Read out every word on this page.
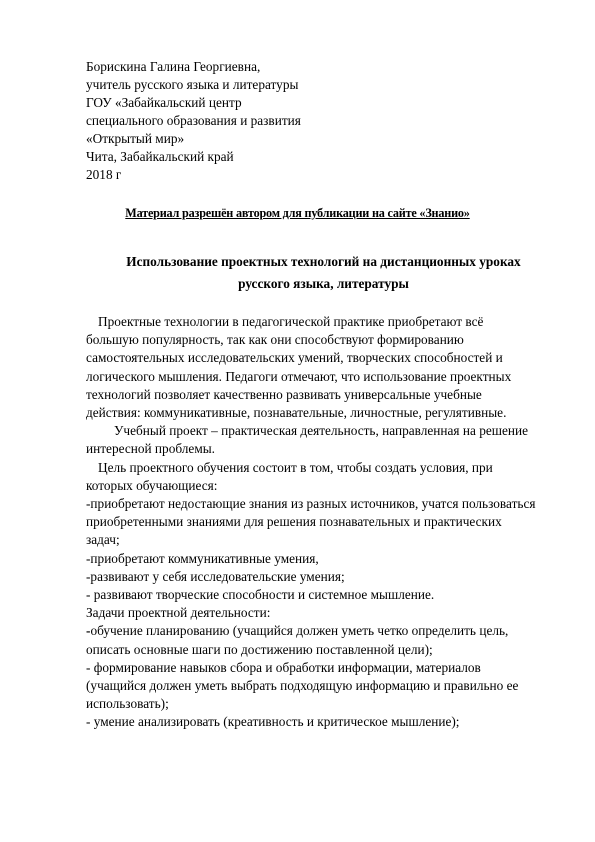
Борискина Галина Георгиевна,
учитель русского языка и литературы
ГОУ «Забайкальский центр
специального образования и развития
«Открытый мир»
Чита, Забайкальский край
2018 г
Материал разрешён автором для публикации на сайте «Знанио»
Использование проектных технологий на дистанционных уроках
русского языка, литературы
Проектные технологии в педагогической практике приобретают всё
большую популярность, так как они способствуют формированию
самостоятельных исследовательских умений, творческих способностей и
логического мышления. Педагоги отмечают, что использование проектных
технологий позволяет качественно развивать универсальные учебные
действия: коммуникативные, познавательные, личностные, регулятивные.
Учебный проект – практическая деятельность, направленная на решение
интересной проблемы.
Цель проектного обучения состоит в том, чтобы создать условия, при
которых обучающиеся:
-приобретают недостающие знания из разных источников, учатся пользоваться
приобретенными знаниями для решения познавательных и практических
задач;
-приобретают коммуникативные умения,
-развивают у себя исследовательские умения;
- развивают творческие способности и системное мышление.
Задачи проектной деятельности:
-обучение планированию (учащийся должен уметь четко определить цель,
описать основные шаги по достижению поставленной цели);
- формирование навыков сбора и обработки информации, материалов
(учащийся должен уметь выбрать подходящую информацию и правильно ее
использовать);
- умение анализировать (креативность и критическое мышление);
